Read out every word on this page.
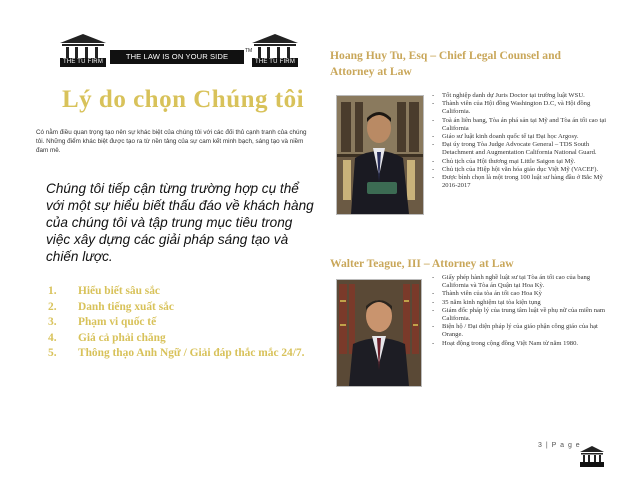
THE TU FIRM
THE LAW IS ON YOUR SIDE
TM
THE TU FIRM
Lý do chọn Chúng tôi
Có nằm điều quan trọng tạo nên sự khác biệt của chúng tôi với các đối thủ cạnh tranh của chúng tôi. Những điểm khác biệt được tạo ra từ nền tảng của sự cam kết minh bạch, sáng tạo và niềm đam mê.
Chúng tôi tiếp cận từng trường hợp cụ thể với một sự hiểu biết thấu đáo về khách hàng của chúng tôi và tập trung mục tiêu trong việc xây dựng các giải pháp sáng tạo và chiến lược.
1. Hiểu biết sâu sắc
2. Danh tiếng xuất sắc
3. Phạm vi quốc tế
4. Giá cả phải chăng
5. Thông thạo Anh Ngữ / Giải đáp thắc mắc 24/7.
Hoang Huy Tu, Esq – Chief Legal Counsel and
Attorney at Law
- Tốt nghiệp danh dự Juris Doctor tại trường luật WSU.
- Thành viên của Hội đồng Washington D.C, và Hội đồng California.
- Toà án liên bang, Tòa án phá sản tại Mỹ and Tòa án tối cao tại California
- Giáo sư luật kinh doanh quốc tế tại Đại học Argosy.
- Đại úy trong Tòa Judge Advocate General – TDS South Detachment and Augmentation California National Guard.
- Chủ tịch của Hội thương mại Little Saigon tại Mỹ.
- Chủ tịch của Hiệp hội văn hóa giáo dục Việt Mỹ (VACEF).
- Được bình chọn là một trong 100 luật sư hàng đầu ở Bắc Mỹ 2016-2017
Walter Teague, III – Attorney at Law
- Giấy phép hành nghề luật sư tại Tòa án tối cao của bang California và Tòa án Quận tại Hoa Kỳ.
- Thành viên của tòa án tối cao Hoa Kỳ
- 35 năm kinh nghiệm tại tòa kiện tụng
- Giám đốc pháp lý của trung tâm luật về phụ nữ của miền nam California.
- Biện hộ / Đại diện pháp lý của giáo phận công giáo của hạt Orange.
- Hoạt động trong cộng đồng Việt Nam từ năm 1980.
3 | P a g e
